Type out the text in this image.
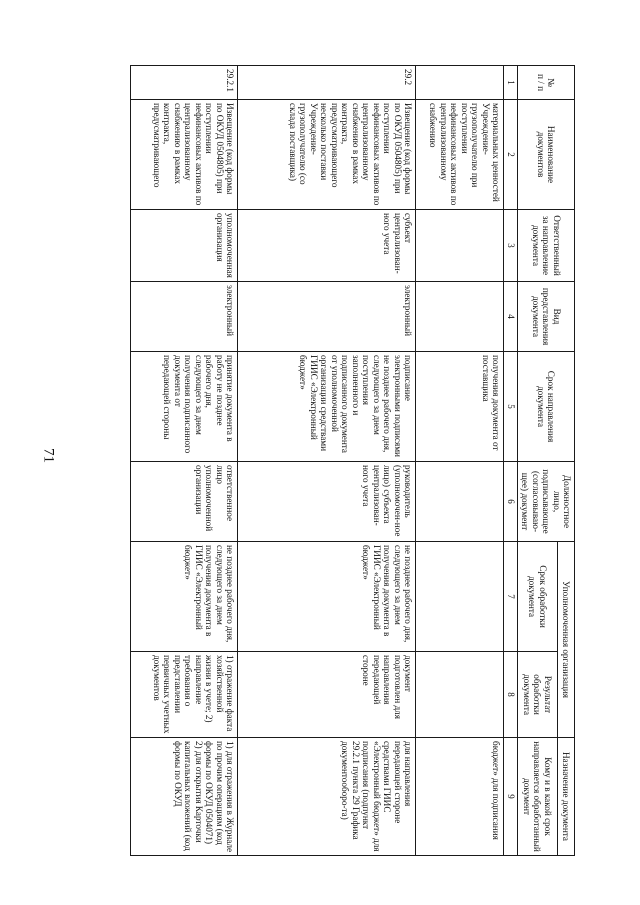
71
№
п / п	Наименование документов	Ответственный за направление документа	Вид представления документа	Срок направления документа	Должностное лицо, подписывающее (согласовываю-щее) документ	Уполномоченная организация		Назначение документа
						Срок обработки документа	Результат обработки документа	Кому и в какой срок направляется обработанный документ
1	2	3	4	5	6	7	8	9
	материальных ценностей Учреждение-грузополучателю при поступлении нефинансовых активов по централизованному снабжению			получения документа от поставщика				бюджет» для подписания
29.2	Извещение (код формы по ОКУД 0504805) при поступлении нефинансовых активов по централизованному снабжению в рамках контракта, предусматривающего несколько поставки Учреждение-грузополучателю (со склада поставщика)	субъект централизован-ного учета	электронный	подписание электронными подписями не позднее рабочего дня, следующего за днем поступления заполненного и подписанного документа от уполномоченной организации средствами ГИИС «Электронный бюджет»	руководитель (уполномочен-ное лицо) субъекта централизован-ного учета	не позднее рабочего дня, следующего за днем получения документа в ГИИС «Электронный бюджет»	документ подготовлен для направления передающей стороне	для направления передающей стороне средствами ГИИС «Электронный бюджет» для подписания (подпункт 29.2.1 пункта 29 Графика документооборо-та)
29.2.1	Извещение (код формы по ОКУД 0504805) при поступлении нефинансовых активов по централизованному снабжению в рамках контракта, предусматривающего	уполномоченная организация	электронный	принятие документа в работу не позднее рабочего дня, следующего за днем получения подписанного документа от передающей стороны	ответственное лицо уполномоченной организации	не позднее рабочего дня, следующего за днем получения документа в ГИИС «Электронный бюджет»	1) отражение факта хозяйственной жизни в учете; 2) направление требования о представлении первичных учетных документов	1) для отражения в Журнале по прочим операциям (код формы по ОКУД 0504071) 2) для открытия Карточки капитальных вложений (код формы по ОКУД
